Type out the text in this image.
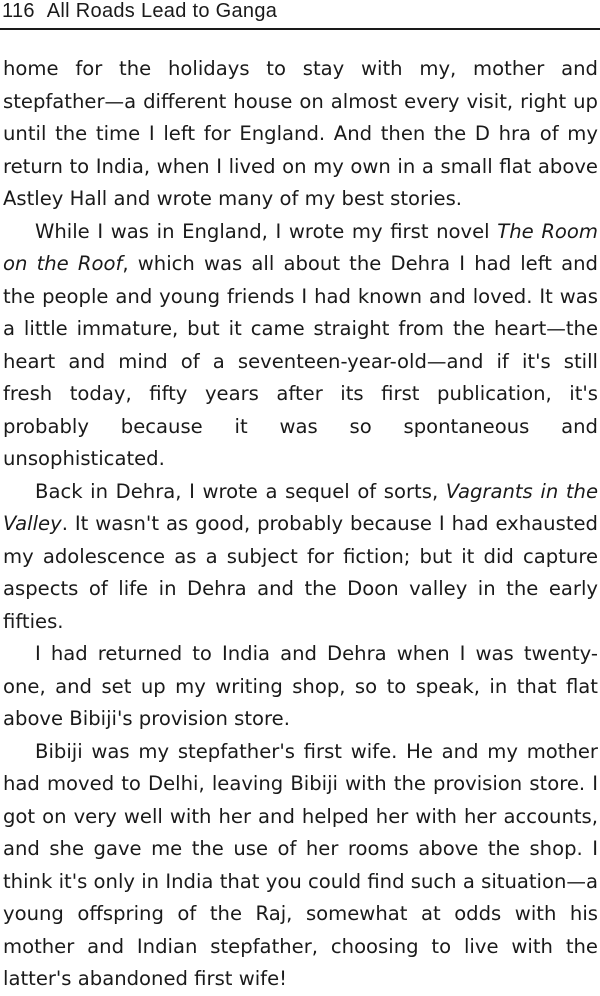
116 All Roads Lead to Ganga

home for the holidays to stay with my, mother and stepfather—a different house on almost every visit, right up until the time I left for England. And then the D hra of my return to India, when I lived on my own in a small flat above Astley Hall and wrote many of my best stories.

While I was in England, I wrote my first novel The Room on the Roof, which was all about the Dehra I had left and the people and young friends I had known and loved. It was a little immature, but it came straight from the heart—the heart and mind of a seventeen-year-old—and if it's still fresh today, fifty years after its first publication, it's probably because it was so spontaneous and unsophisticated.

Back in Dehra, I wrote a sequel of sorts, Vagrants in the Valley. It wasn't as good, probably because I had exhausted my adolescence as a subject for fiction; but it did capture aspects of life in Dehra and the Doon valley in the early fifties.

I had returned to India and Dehra when I was twenty-one, and set up my writing shop, so to speak, in that flat above Bibiji's provision store.

Bibiji was my stepfather's first wife. He and my mother had moved to Delhi, leaving Bibiji with the provision store. I got on very well with her and helped her with her accounts, and she gave me the use of her rooms above the shop. I think it's only in India that you could find such a situation—a young offspring of the Raj, somewhat at odds with his mother and Indian stepfather, choosing to live with the latter's abandoned first wife!
